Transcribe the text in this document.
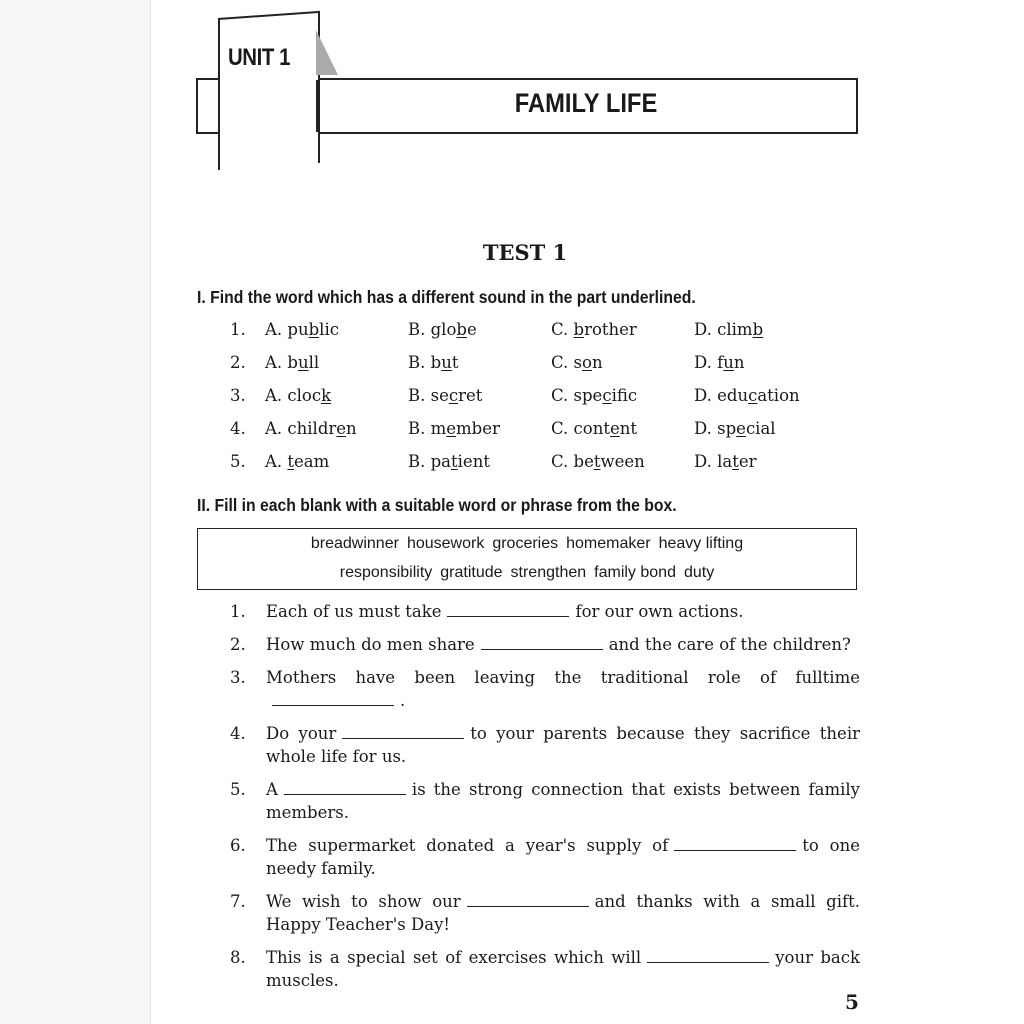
UNIT 1
FAMILY LIFE
TEST 1
I. Find the word which has a different sound in the part underlined.
1. A. public	B. globe	C. brother	D. climb
2. A. bull	B. but	C. son	D. fun
3. A. clock	B. secret	C. specific	D. education
4. A. children	B. member	C. content	D. special
5. A. team	B. patient	C. between	D. later
II. Fill in each blank with a suitable word or phrase from the box.
breadwinner housework groceries homemaker heavy lifting
responsibility gratitude strengthen family bond duty
1. Each of us must take	for our own actions.
2. How much do men share	and the care of the children?
3. Mothers have been leaving the traditional role of fulltime.
4. Do your	to your parents because they sacrifice their whole life for us.
5. A	is the strong connection that exists between family members.
6. The supermarket donated a year's supply of	to one needy family.
7. We wish to show our	and thanks with a small gift. Happy Teacher's Day!
8. This is a special set of exercises which will	your back muscles.
5
